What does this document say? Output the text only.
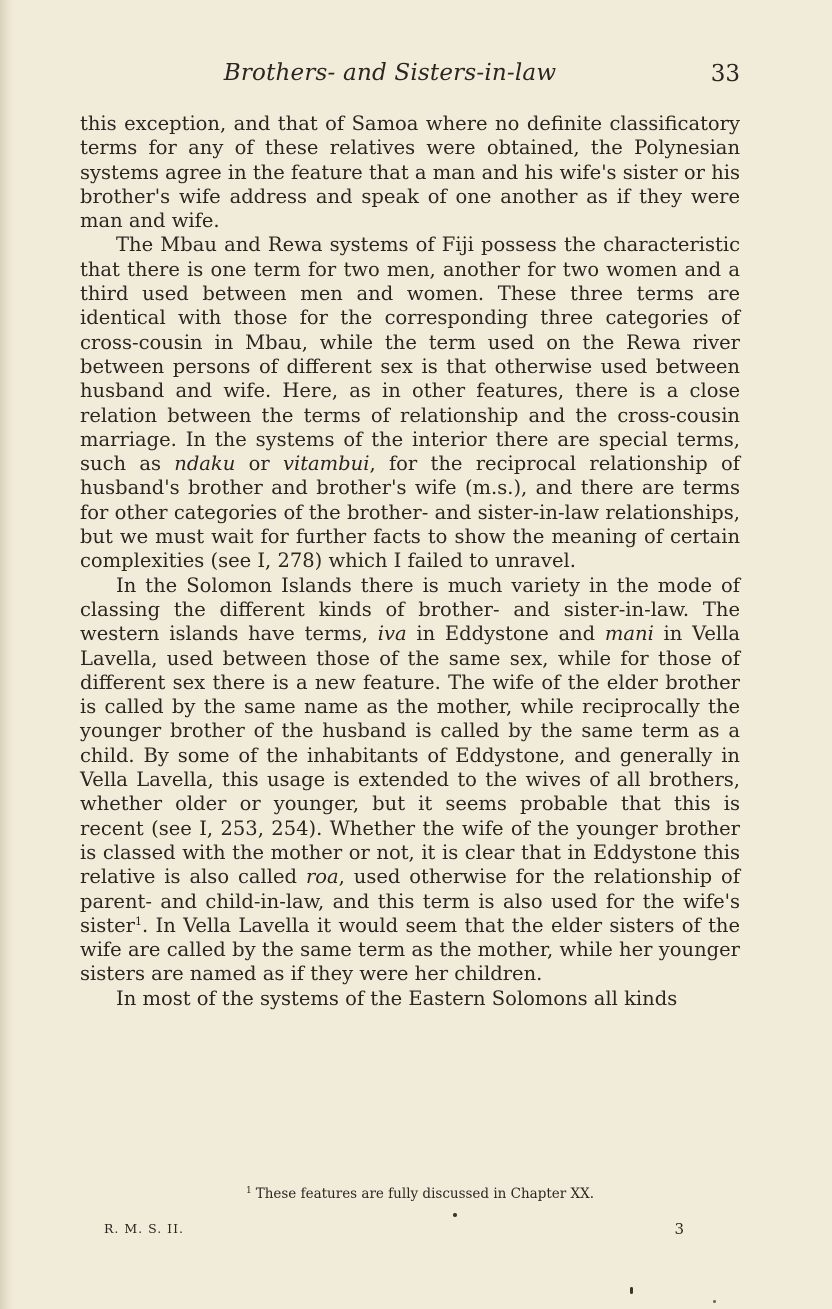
Brothers- and Sisters-in-law	33

this exception, and that of Samoa where no definite classificatory terms for any of these relatives were obtained, the Polynesian systems agree in the feature that a man and his wife's sister or his brother's wife address and speak of one another as if they were man and wife.

The Mbau and Rewa systems of Fiji possess the characteristic that there is one term for two men, another for two women and a third used between men and women. These three terms are identical with those for the corresponding three categories of cross-cousin in Mbau, while the term used on the Rewa river between persons of different sex is that otherwise used between husband and wife. Here, as in other features, there is a close relation between the terms of relationship and the cross-cousin marriage. In the systems of the interior there are special terms, such as ndaku or vitambui, for the reciprocal relationship of husband's brother and brother's wife (m.s.), and there are terms for other categories of the brother- and sister-in-law relationships, but we must wait for further facts to show the meaning of certain complexities (see I, 278) which I failed to unravel.

In the Solomon Islands there is much variety in the mode of classing the different kinds of brother- and sister-in-law. The western islands have terms, iva in Eddystone and mani in Vella Lavella, used between those of the same sex, while for those of different sex there is a new feature. The wife of the elder brother is called by the same name as the mother, while reciprocally the younger brother of the husband is called by the same term as a child. By some of the inhabitants of Eddystone, and generally in Vella Lavella, this usage is extended to the wives of all brothers, whether older or younger, but it seems probable that this is recent (see I, 253, 254). Whether the wife of the younger brother is classed with the mother or not, it is clear that in Eddystone this relative is also called roa, used otherwise for the relationship of parent- and child-in-law, and this term is also used for the wife's sister$^1$. In Vella Lavella it would seem that the elder sisters of the wife are called by the same term as the mother, while her younger sisters are named as if they were her children.

In most of the systems of the Eastern Solomons all kinds

$^1$ These features are fully discussed in Chapter XX.
R. M. S. II.	3
